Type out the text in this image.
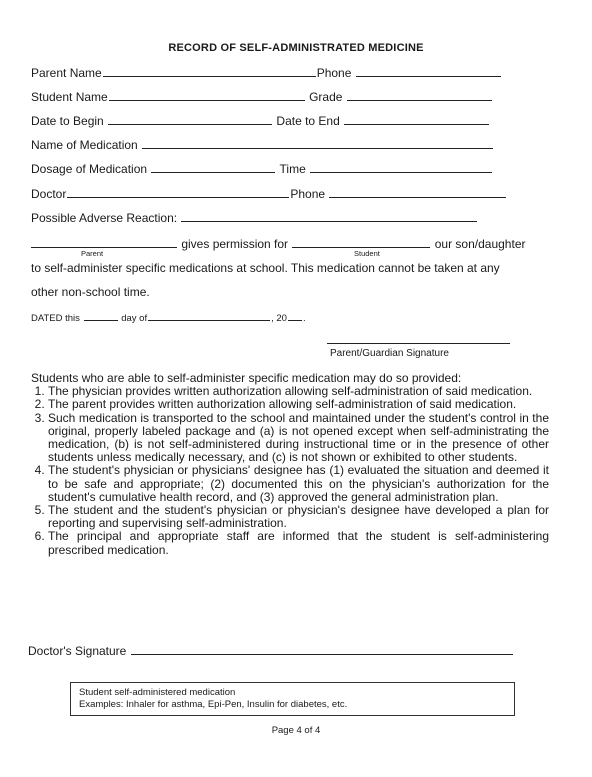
RECORD OF SELF-ADMINISTRATED MEDICINE
Parent Name	Phone
Student Name	Grade
Date to Begin	Date to End
Name of Medication
Dosage of Medication	Time
Doctor	Phone
Possible Adverse Reaction:
gives permission for	our son/daughter
Parent	Student
to self-administer specific medications at school. This medication cannot be taken at any
other non-school time.
DATED this	day of	, 20 .
Parent/Guardian Signature
Students who are able to self-administer specific medication may do so provided:
1. The physician provides written authorization allowing self-administration of said medication.
2. The parent provides written authorization allowing self-administration of said medication.
3. Such medication is transported to the school and maintained under the student's control in the original, properly labeled package and (a) is not opened except when self-administrating the medication, (b) is not self-administered during instructional time or in the presence of other students unless medically necessary, and (c) is not shown or exhibited to other students.
4. The student's physician or physicians' designee has (1) evaluated the situation and deemed it to be safe and appropriate; (2) documented this on the physician's authorization for the student's cumulative health record, and (3) approved the general administration plan.
5. The student and the student's physician or physician's designee have developed a plan for reporting and supervising self-administration.
6. The principal and appropriate staff are informed that the student is self-administering prescribed medication.
Doctor's Signature
Student self-administered medication
Examples: Inhaler for asthma, Epi-Pen, Insulin for diabetes, etc.
Page 4 of 4
